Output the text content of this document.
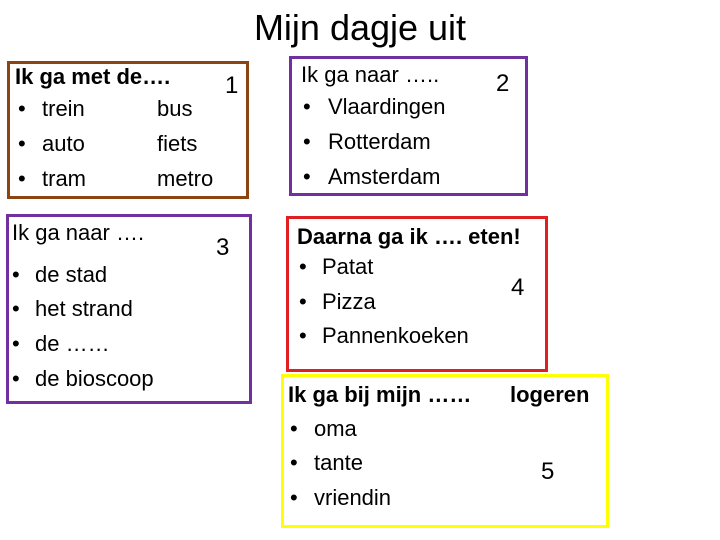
Mijn dagje uit
Ik ga met de…. 1
• trein	bus
• auto	fiets
• tram	metro
Ik ga naar ….. 2
• Vlaardingen
• Rotterdam
• Amsterdam
Ik ga naar ….
3
• de stad
• het strand
• de ……
• de bioscoop
Daarna ga ik …. eten!
4
• Patat
• Pizza
• Pannenkoeken
Ik ga bij mijn …… logeren
5
• oma
• tante
• vriendin
